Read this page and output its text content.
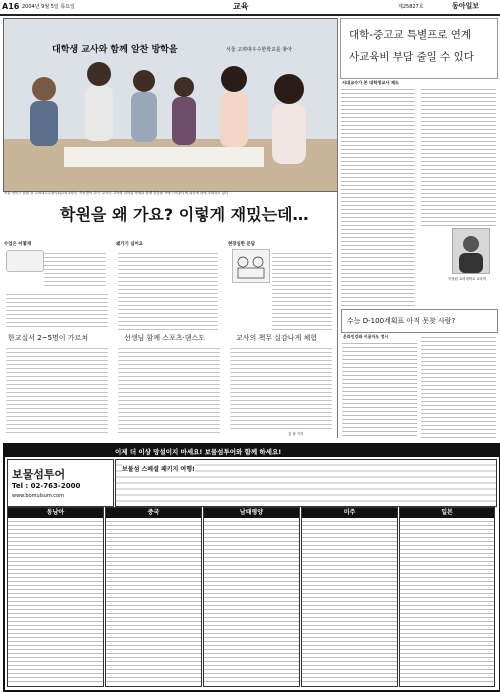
A16 2004년 9월 5일 목요일	교육	제25827호	동아일보
대학생 교사와 함께 알찬 방학을	서울 고려대우수한학교를 찾아
서울 성북구 한편 한 고려대우수방사회교육 3자인 '자동별아 초이' 교사인 고학생 과학된 학생과 함께 말씀할 자에 시식문다며 복지에 따에 초려하고 있다
학원을 왜 가요? 이렇게 재밌는데…
대학-중고교 특별프로 연계
사교육비 부담 줄일 수 있다
서대교수가 본 대학생교사 제도
이정원 교려대학교 교육학
수능 D-100계획표 아직 못찾 사람?
온라인강좌 이용자도 정시
수업은 어떻게
한교실서 2~5명이 가르쳐
왜가기 넘어요
선생님 함께 스포츠·댄스도
현장심한 문답
교사의 책무 실감나게 체험
김 평 기자
이제 더 이상 망설이지 마세요! 보물섬투어와 함께 하세요!
보물섬투어
Tel : 02-763-2000
www.bomulsum.com
보물섬 스페셜 패키지 여행!
동남아	중국	남태평양	미주	일본
